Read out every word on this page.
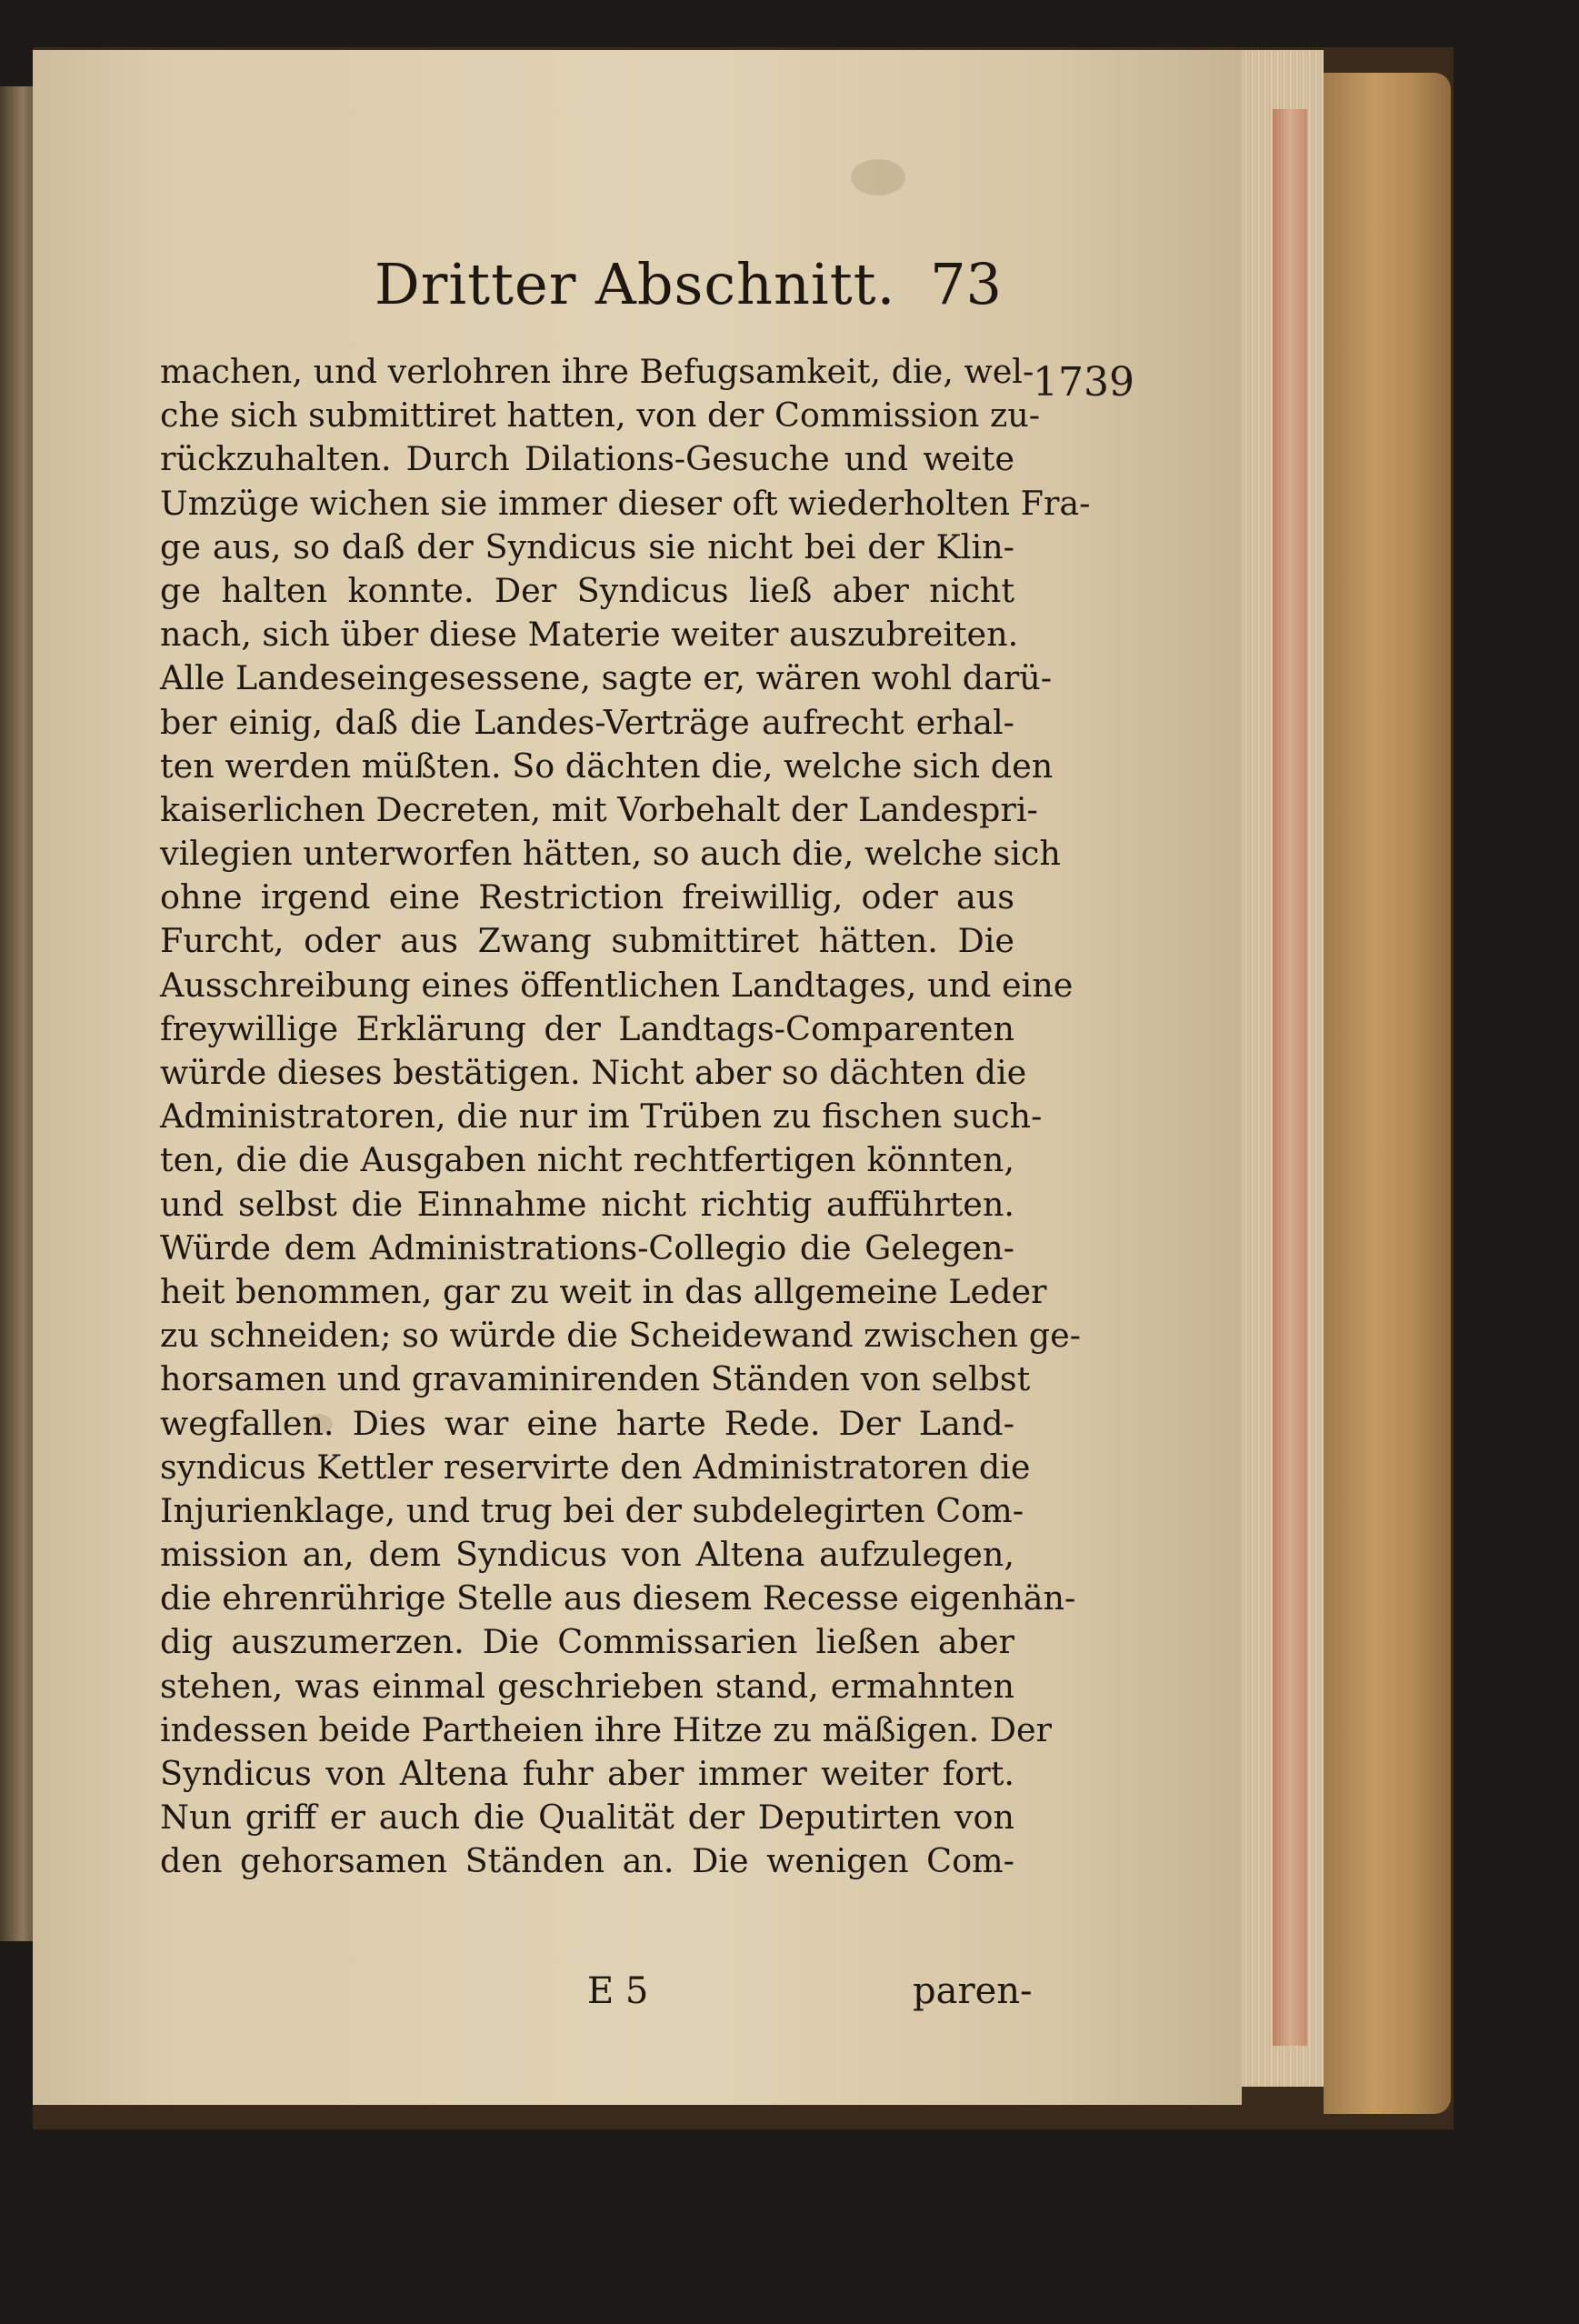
Dritter Abschnitt. 73
1739
machen, und verlohren ihre Befugsamkeit, die, wel-
che sich submittiret hatten, von der Commission zu-
rückzuhalten. Durch Dilations-Gesuche und weite
Umzüge wichen sie immer dieser oft wiederholten Fra-
ge aus, so daß der Syndicus sie nicht bei der Klin-
ge halten konnte. Der Syndicus ließ aber nicht
nach, sich über diese Materie weiter auszubreiten.
Alle Landeseingesessene, sagte er, wären wohl darü-
ber einig, daß die Landes-Verträge aufrecht erhal-
ten werden müßten. So dächten die, welche sich den
kaiserlichen Decreten, mit Vorbehalt der Landespri-
vilegien unterworfen hätten, so auch die, welche sich
ohne irgend eine Restriction freiwillig, oder aus
Furcht, oder aus Zwang submittiret hätten. Die
Ausschreibung eines öffentlichen Landtages, und eine
freywillige Erklärung der Landtags-Comparenten
würde dieses bestätigen. Nicht aber so dächten die
Administratoren, die nur im Trüben zu fischen such-
ten, die die Ausgaben nicht rechtfertigen könnten,
und selbst die Einnahme nicht richtig aufführten.
Würde dem Administrations-Collegio die Gelegen-
heit benommen, gar zu weit in das allgemeine Leder
zu schneiden; so würde die Scheidewand zwischen ge-
horsamen und gravaminirenden Ständen von selbst
wegfallen. Dies war eine harte Rede. Der Land-
syndicus Kettler reservirte den Administratoren die
Injurienklage, und trug bei der subdelegirten Com-
mission an, dem Syndicus von Altena aufzulegen,
die ehrenrührige Stelle aus diesem Recesse eigenhän-
dig auszumerzen. Die Commissarien ließen aber
stehen, was einmal geschrieben stand, ermahnten
indessen beide Partheien ihre Hitze zu mäßigen. Der
Syndicus von Altena fuhr aber immer weiter fort.
Nun griff er auch die Qualität der Deputirten von
den gehorsamen Ständen an. Die wenigen Com-
E 5	paren-
